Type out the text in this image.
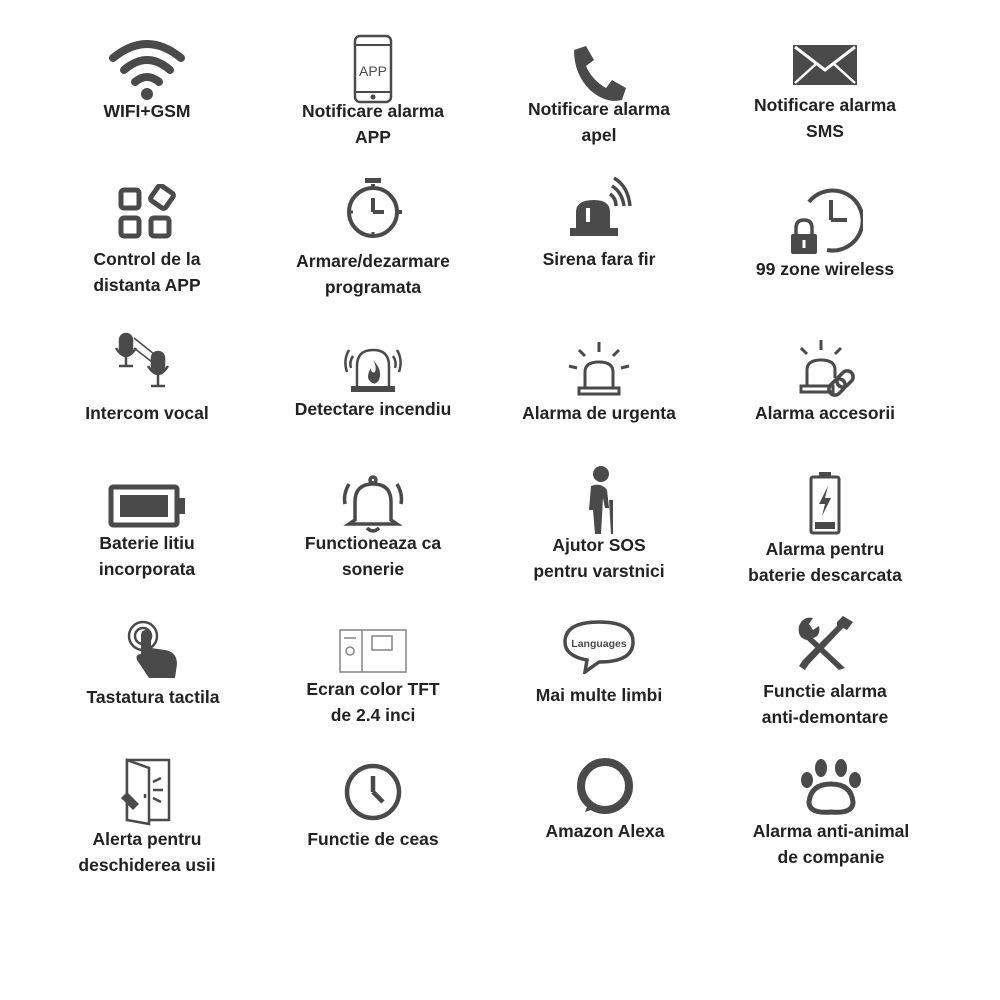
WIFI+GSM
APP
Notificare alarma
APP
Notificare alarma
apel
Notificare alarma
SMS
Control de la
distanta APP
Armare/dezarmare
programata
Sirena fara fir	99 zone wireless
Intercom vocal	Detectare incendiu	Alarma de urgenta	Alarma accesorii
Baterie litiu
incorporata
Functioneaza ca
sonerie
Ajutor SOS
pentru varstnici
Alarma pentru
baterie descarcata
Tastatura tactila	Ecran color TFT
de 2.4 inci
Languages
Mai multe limbi	Functie alarma
anti-demontare
Alerta pentru
deschiderea usii
Functie de ceas	Amazon Alexa	Alarma anti-animal
de companie
